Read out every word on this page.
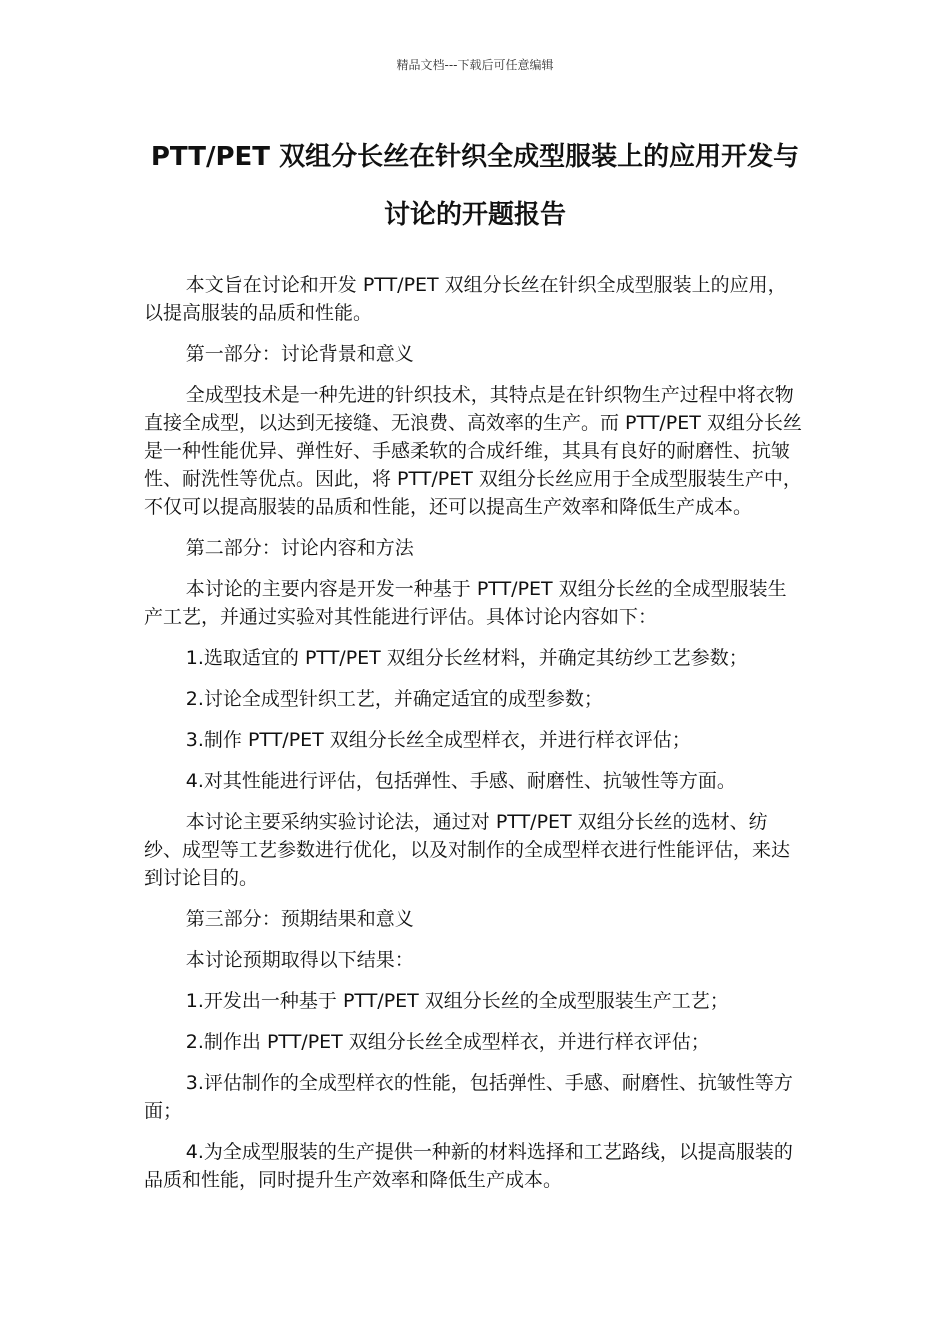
精品文档---下载后可任意编辑
PTT/PET 双组分长丝在针织全成型服装上的应用开发与讨论的开题报告

本文旨在讨论和开发 PTT/PET 双组分长丝在针织全成型服装上的应用，以提高服装的品质和性能。

第一部分：讨论背景和意义

全成型技术是一种先进的针织技术，其特点是在针织物生产过程中将衣物直接全成型，以达到无接缝、无浪费、高效率的生产。而 PTT/PET 双组分长丝是一种性能优异、弹性好、手感柔软的合成纤维，其具有良好的耐磨性、抗皱性、耐洗性等优点。因此，将 PTT/PET 双组分长丝应用于全成型服装生产中，不仅可以提高服装的品质和性能，还可以提高生产效率和降低生产成本。

第二部分：讨论内容和方法

本讨论的主要内容是开发一种基于 PTT/PET 双组分长丝的全成型服装生产工艺，并通过实验对其性能进行评估。具体讨论内容如下：

1.选取适宜的 PTT/PET 双组分长丝材料，并确定其纺纱工艺参数；

2.讨论全成型针织工艺，并确定适宜的成型参数；

3.制作 PTT/PET 双组分长丝全成型样衣，并进行样衣评估；

4.对其性能进行评估，包括弹性、手感、耐磨性、抗皱性等方面。

本讨论主要采纳实验讨论法，通过对 PTT/PET 双组分长丝的选材、纺纱、成型等工艺参数进行优化，以及对制作的全成型样衣进行性能评估，来达到讨论目的。

第三部分：预期结果和意义

本讨论预期取得以下结果：

1.开发出一种基于 PTT/PET 双组分长丝的全成型服装生产工艺；

2.制作出 PTT/PET 双组分长丝全成型样衣，并进行样衣评估；

3.评估制作的全成型样衣的性能，包括弹性、手感、耐磨性、抗皱性等方面；

4.为全成型服装的生产提供一种新的材料选择和工艺路线，以提高服装的品质和性能，同时提升生产效率和降低生产成本。
